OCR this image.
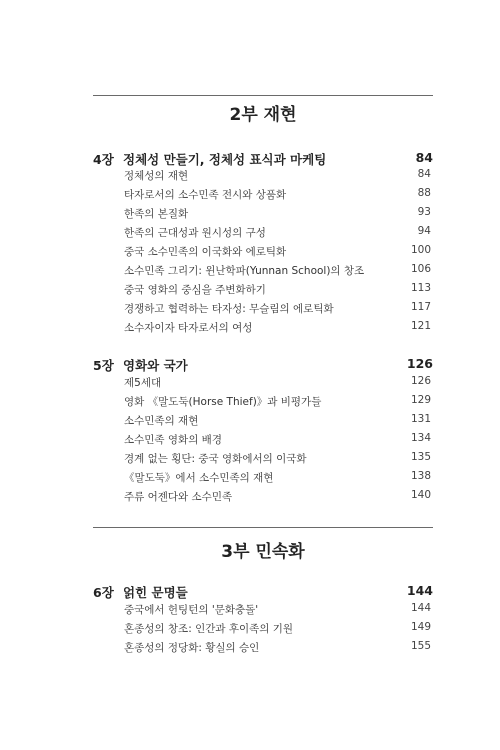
2부 재현
4장 정체성 만들기, 정체성 표식과 마케팅	84
정체성의 재현	84
타자로서의 소수민족 전시와 상품화	88
한족의 본질화	93
한족의 근대성과 원시성의 구성	94
중국 소수민족의 이국화와 에로틱화	100
소수민족 그리기: 윈난학파(Yunnan School)의 창조	106
중국 영화의 중심을 주변화하기	113
경쟁하고 협력하는 타자성: 무슬림의 에로틱화	117
소수자이자 타자로서의 여성	121
5장 영화와 국가	126
제5세대	126
영화 《말도둑(Horse Thief)》과 비평가들	129
소수민족의 재현	131
소수민족 영화의 배경	134
경계 없는 횡단: 중국 영화에서의 이국화	135
《말도둑》에서 소수민족의 재현	138
주류 어젠다와 소수민족	140
3부 민속화
6장 얽힌 문명들	144
중국에서 헌팅턴의 '문화충돌'	144
혼종성의 창조: 인간과 후이족의 기원	149
혼종성의 정당화: 황실의 승인	155
